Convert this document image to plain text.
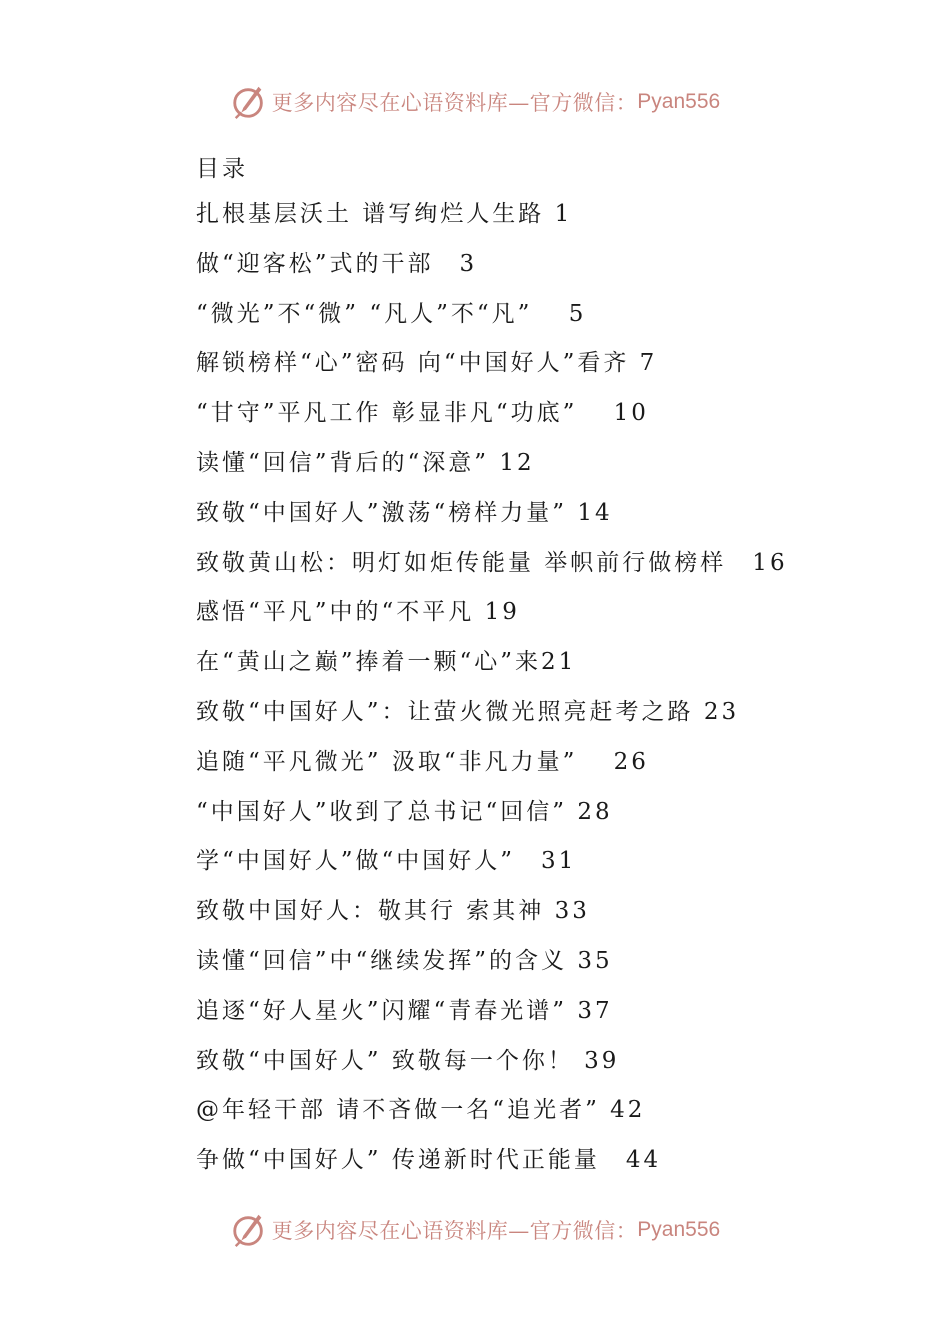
更多内容尽在心语资料库—官方微信： Pyan556
目录
扎根基层沃土 谱写绚烂人生路 1
做“迎客松”式的干部　3
“微光”不“微” “凡人”不“凡”　 5
解锁榜样“心”密码 向“中国好人”看齐 7
“甘守”平凡工作 彰显非凡“功底”　 10
读懂“回信”背后的“深意” 12
致敬“中国好人”激荡“榜样力量” 14
致敬黄山松：明灯如炬传能量 举帜前行做榜样　16
感悟“平凡”中的“不平凡 19
在“黄山之巅”捧着一颗“心”来21
致敬“中国好人”：让萤火微光照亮赶考之路 23
追随“平凡微光” 汲取“非凡力量”　 26
“中国好人”收到了总书记“回信” 28
学“中国好人”做“中国好人”　31
致敬中国好人：敬其行 索其神 33
读懂“回信”中“继续发挥”的含义 35
追逐“好人星火”闪耀“青春光谱” 37
致敬“中国好人” 致敬每一个你！ 39
@年轻干部 请不吝做一名“追光者” 42
争做“中国好人” 传递新时代正能量　44
更多内容尽在心语资料库—官方微信： Pyan556
